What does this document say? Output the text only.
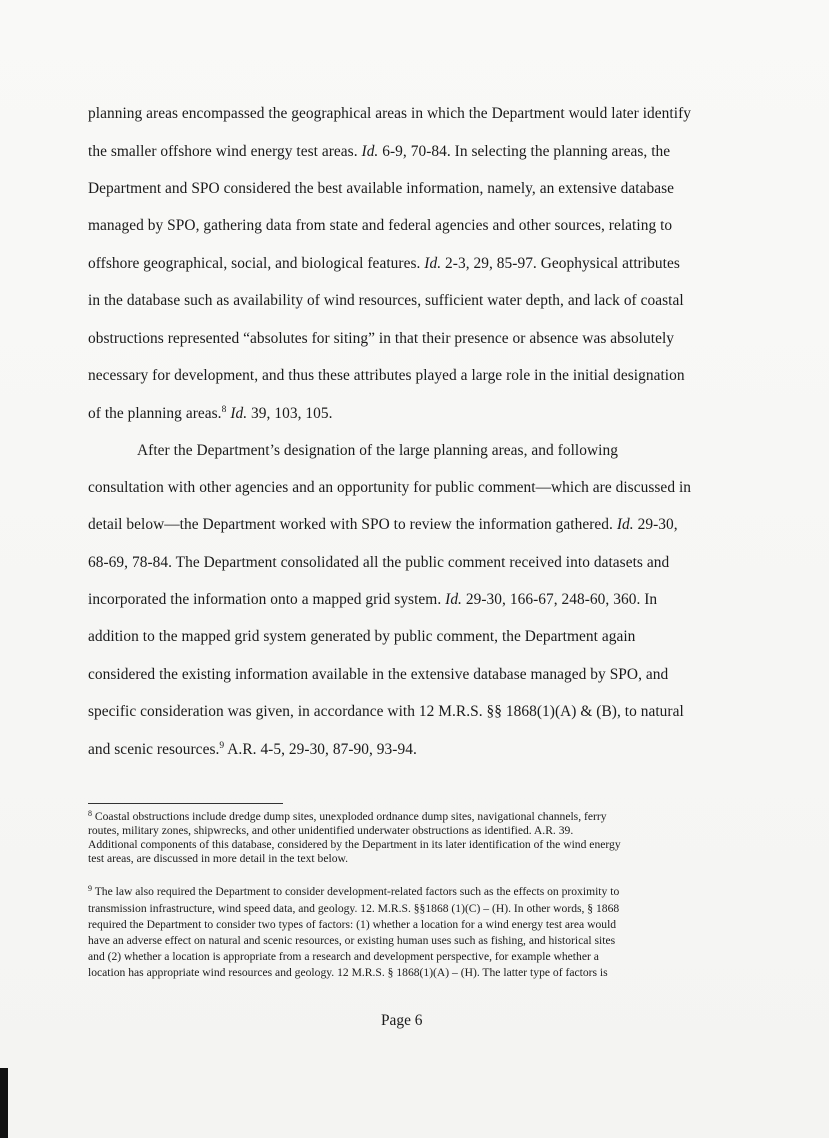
planning areas encompassed the geographical areas in which the Department would later identify
the smaller offshore wind energy test areas. Id. 6-9, 70-84. In selecting the planning areas, the
Department and SPO considered the best available information, namely, an extensive database
managed by SPO, gathering data from state and federal agencies and other sources, relating to
offshore geographical, social, and biological features. Id. 2-3, 29, 85-97. Geophysical attributes
in the database such as availability of wind resources, sufficient water depth, and lack of coastal
obstructions represented “absolutes for siting” in that their presence or absence was absolutely
necessary for development, and thus these attributes played a large role in the initial designation
of the planning areas.$^8$ Id. 39, 103, 105.
After the Department’s designation of the large planning areas, and following
consultation with other agencies and an opportunity for public comment—which are discussed in
detail below—the Department worked with SPO to review the information gathered. Id. 29-30,
68-69, 78-84. The Department consolidated all the public comment received into datasets and
incorporated the information onto a mapped grid system. Id. 29-30, 166-67, 248-60, 360. In
addition to the mapped grid system generated by public comment, the Department again
considered the existing information available in the extensive database managed by SPO, and
specific consideration was given, in accordance with 12 M.R.S. §§ 1868(1)(A) & (B), to natural
and scenic resources.$^9$ A.R. 4-5, 29-30, 87-90, 93-94.
$^8$ Coastal obstructions include dredge dump sites, unexploded ordnance dump sites, navigational channels, ferry
routes, military zones, shipwrecks, and other unidentified underwater obstructions as identified. A.R. 39.
Additional components of this database, considered by the Department in its later identification of the wind energy
test areas, are discussed in more detail in the text below.
$^9$ The law also required the Department to consider development-related factors such as the effects on proximity to
transmission infrastructure, wind speed data, and geology. 12. M.R.S. §§1868 (1)(C) – (H). In other words, § 1868
required the Department to consider two types of factors: (1) whether a location for a wind energy test area would
have an adverse effect on natural and scenic resources, or existing human uses such as fishing, and historical sites
and (2) whether a location is appropriate from a research and development perspective, for example whether a
location has appropriate wind resources and geology. 12 M.R.S. § 1868(1)(A) – (H). The latter type of factors is
Page 6
